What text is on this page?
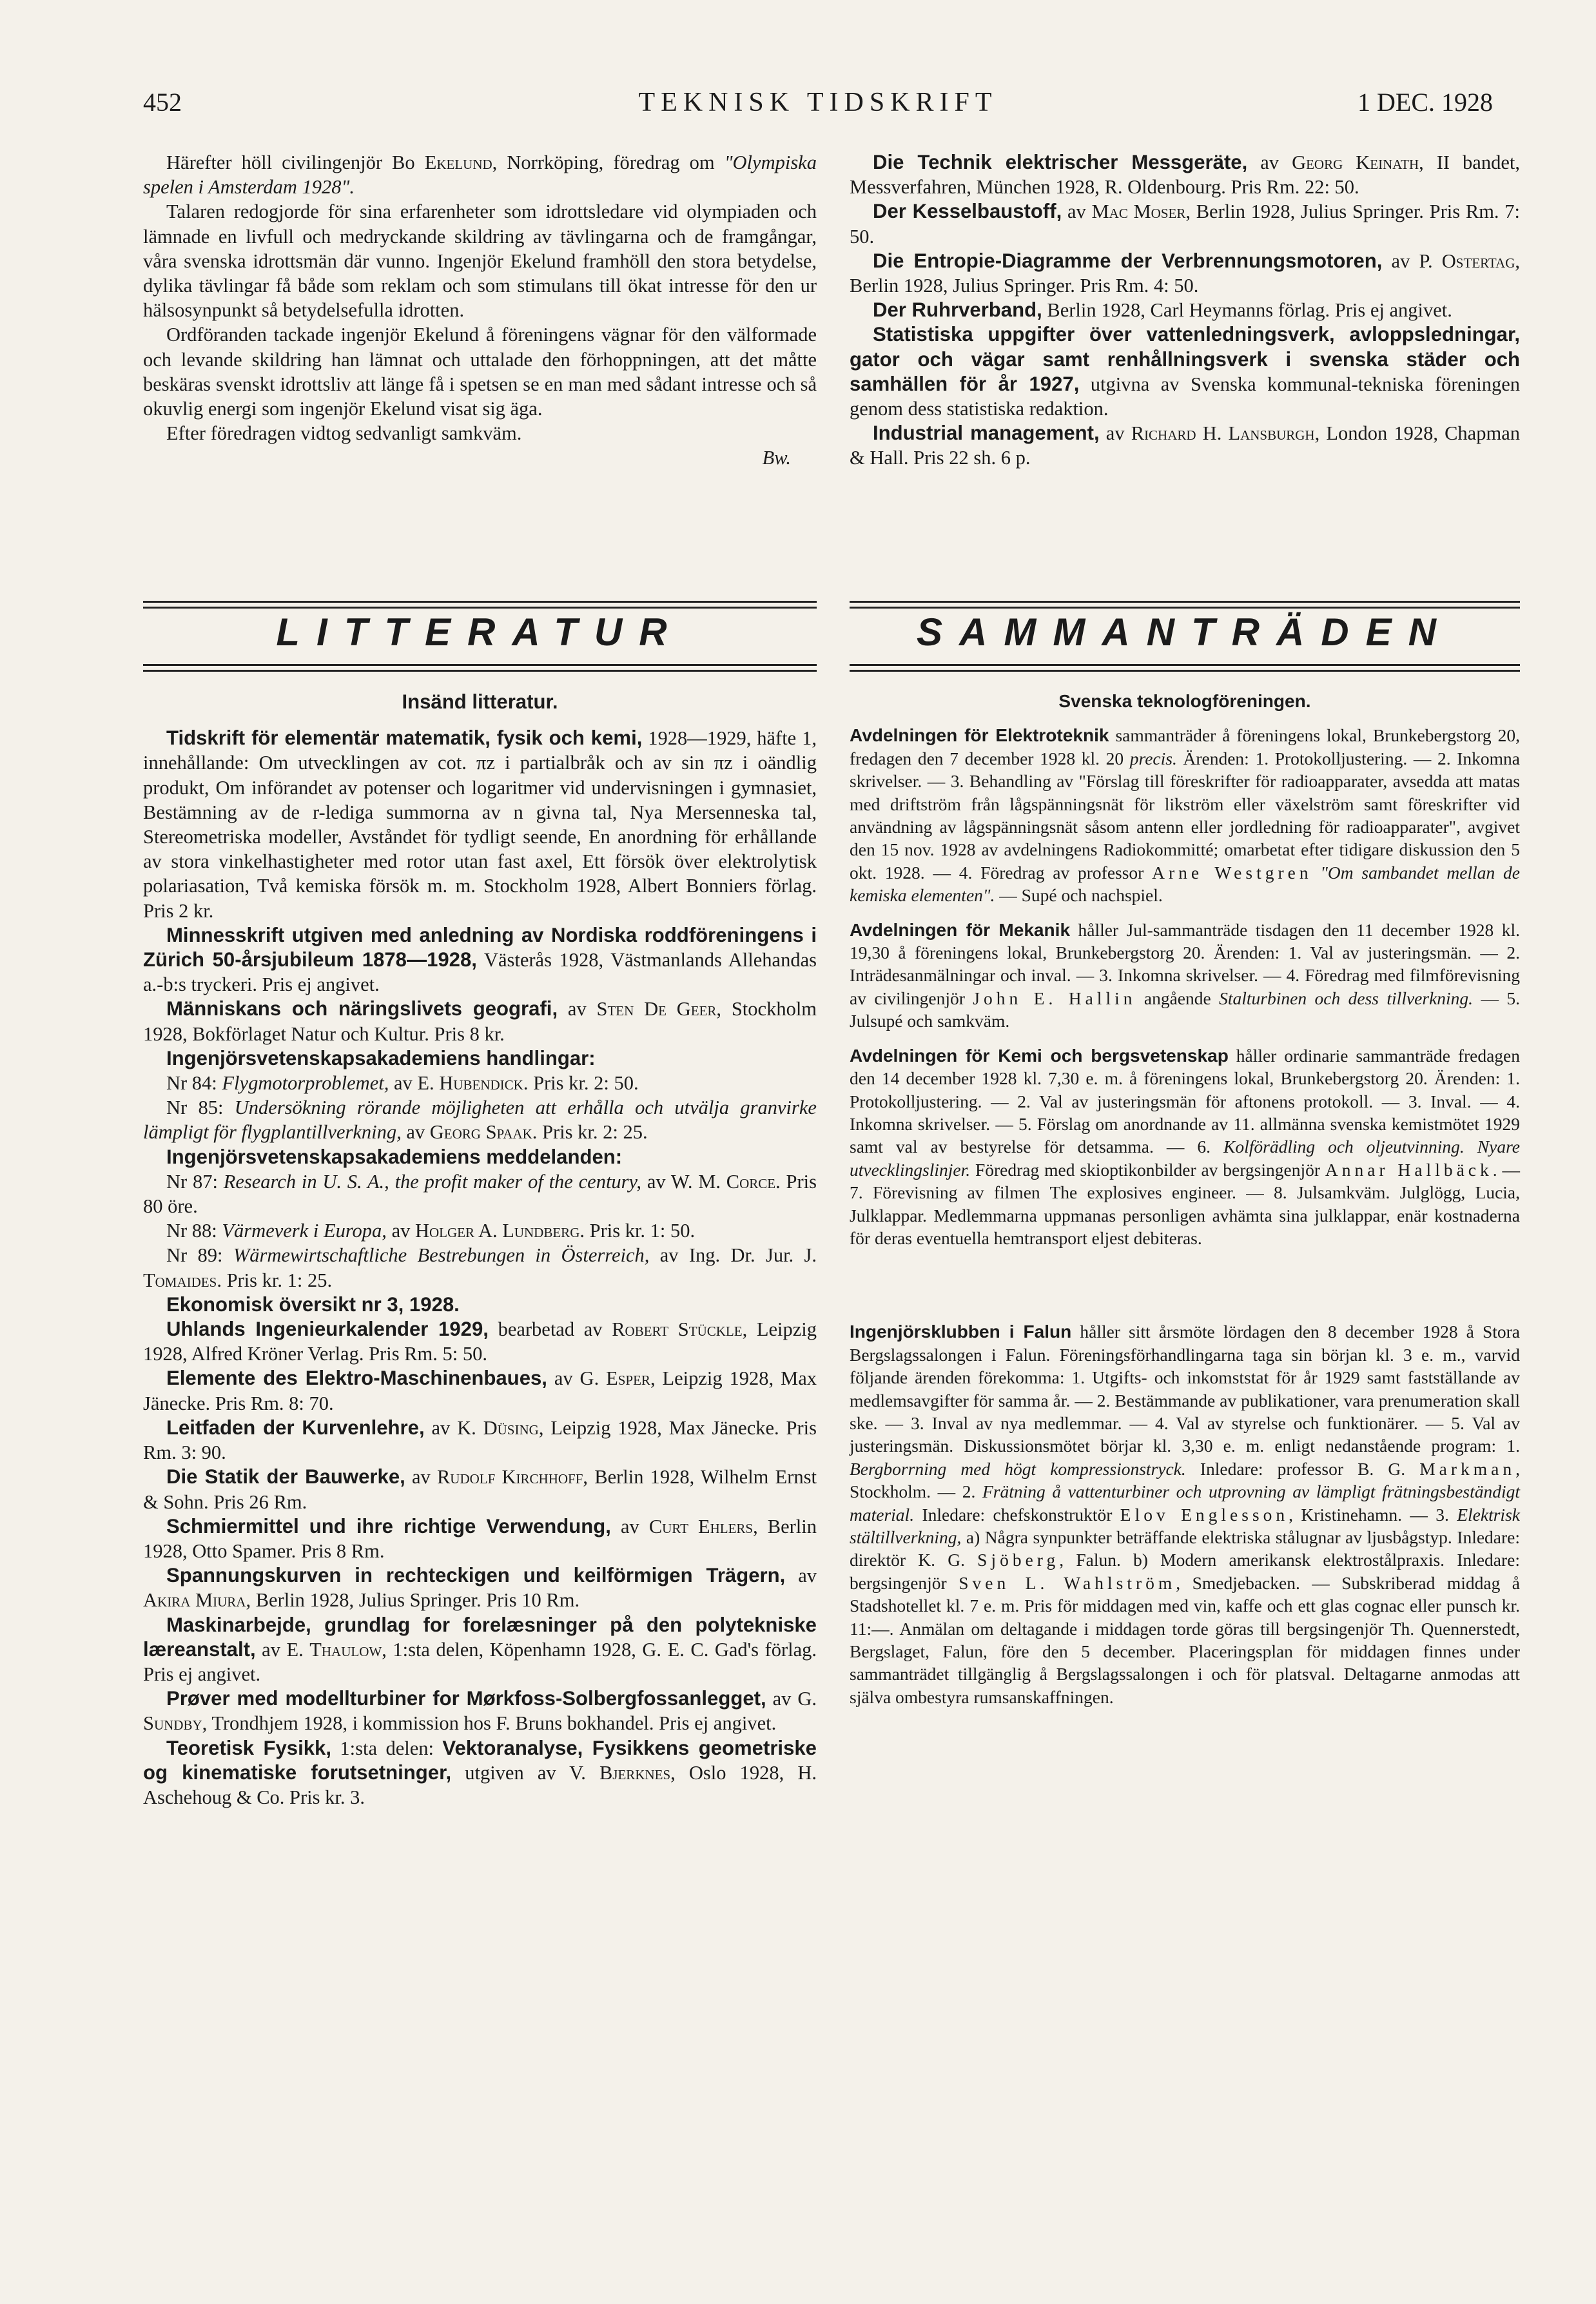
452	TEKNISK TIDSKRIFT	1 DEC. 1928

Härefter höll civilingenjör Bo Ekelund, Norrköping, föredrag om "Olympiska spelen i Amsterdam 1928".

Talaren redogjorde för sina erfarenheter som idrottsledare vid olympiaden och lämnade en livfull och medryckande skildring av tävlingarna och de framgångar, våra svenska idrottsmän där vunno. Ingenjör Ekelund framhöll den stora betydelse, dylika tävlingar få både som reklam och som stimulans till ökat intresse för den ur hälsosynpunkt så betydelsefulla idrotten.

Ordföranden tackade ingenjör Ekelund å föreningens vägnar för den välformade och levande skildring han lämnat och uttalade den förhoppningen, att det måtte beskäras svenskt idrottsliv att länge få i spetsen se en man med sådant intresse och så okuvlig energi som ingenjör Ekelund visat sig äga.

Efter föredragen vidtog sedvanligt samkväm.

Bw.

LITTERATUR	SAMMANTRÄDEN

Insänd litteratur.

Tidskrift för elementär matematik, fysik och kemi, 1928—1929, häfte 1, innehållande: Om utvecklingen av cot. πz i partialbråk och av sin πz i oändlig produkt, Om införandet av potenser och logaritmer vid undervisningen i gymnasiet, Bestämning av de r-lediga summorna av n givna tal, Nya Mersenneska tal, Stereometriska modeller, Avståndet för tydligt seende, En anordning för erhållande av stora vinkelhastigheter med rotor utan fast axel, Ett försök över elektrolytisk polariasation, Två kemiska försök m. m. Stockholm 1928, Albert Bonniers förlag. Pris 2 kr.

Minnesskrift utgiven med anledning av Nordiska roddföreningens i Zürich 50-årsjubileum 1878—1928, Västerås 1928, Västmanlands Allehandas a.-b:s tryckeri. Pris ej angivet.

Människans och näringslivets geografi, av Sten De Geer, Stockholm 1928, Bokförlaget Natur och Kultur. Pris 8 kr.

Ingenjörsvetenskapsakademiens handlingar:

Nr 84: Flygmotorproblemet, av E. Hubendick. Pris kr. 2: 50.

Nr 85: Undersökning rörande möjligheten att erhålla och utvälja granvirke lämpligt för flygplantillverkning, av Georg Spaak. Pris kr. 2: 25.

Ingenjörsvetenskapsakademiens meddelanden:

Nr 87: Research in U. S. A., the profit maker of the century, av W. M. Corce. Pris 80 öre.

Nr 88: Värmeverk i Europa, av Holger A. Lundberg. Pris kr. 1: 50.

Nr 89: Wärmewirtschaftliche Bestrebungen in Österreich, av Ing. Dr. Jur. J. Tomaides. Pris kr. 1: 25.

Ekonomisk översikt nr 3, 1928.

Uhlands Ingenieurkalender 1929, bearbetad av Robert Stückle, Leipzig 1928, Alfred Kröner Verlag. Pris Rm. 5: 50.

Elemente des Elektro-Maschinenbaues, av G. Esper, Leipzig 1928, Max Jänecke. Pris Rm. 8: 70.

Leitfaden der Kurvenlehre, av K. Düsing, Leipzig 1928, Max Jänecke. Pris Rm. 3: 90.

Die Statik der Bauwerke, av Rudolf Kirchhoff, Berlin 1928, Wilhelm Ernst & Sohn. Pris 26 Rm.

Schmiermittel und ihre richtige Verwendung, av Curt Ehlers, Berlin 1928, Otto Spamer. Pris 8 Rm.

Spannungskurven in rechteckigen und keilförmigen Trägern, av Akira Miura, Berlin 1928, Julius Springer. Pris 10 Rm.

Maskinarbejde, grundlag for forelæsninger på den polytekniske læreanstalt, av E. Thaulow, 1:sta delen, Köpenhamn 1928, G. E. C. Gad's förlag. Pris ej angivet.

Prøver med modellturbiner for Mørkfoss-Solbergfossanlegget, av G. Sundby, Trondhjem 1928, i kommission hos F. Bruns bokhandel. Pris ej angivet.

Teoretisk Fysikk, 1:sta delen: Vektoranalyse, Fysikkens geometriske og kinematiske forutsetninger, utgiven av V. Bjerknes, Oslo 1928, H. Aschehoug & Co. Pris kr. 3.

Die Technik elektrischer Messgeräte, av Georg Keinath, II bandet, Messverfahren, München 1928, R. Oldenbourg. Pris Rm. 22: 50.

Der Kesselbaustoff, av Mac Moser, Berlin 1928, Julius Springer. Pris Rm. 7: 50.

Die Entropie-Diagramme der Verbrennungsmotoren, av P. Ostertag, Berlin 1928, Julius Springer. Pris Rm. 4: 50.

Der Ruhrverband, Berlin 1928, Carl Heymanns förlag. Pris ej angivet.

Statistiska uppgifter över vattenledningsverk, avloppsledningar, gator och vägar samt renhållningsverk i svenska städer och samhällen för år 1927, utgivna av Svenska kommunal-tekniska föreningen genom dess statistiska redaktion.

Industrial management, av Richard H. Lansburgh, London 1928, Chapman & Hall. Pris 22 sh. 6 p.

Svenska teknologföreningen.

Avdelningen för Elektroteknik sammanträder å föreningens lokal, Brunkebergstorg 20, fredagen den 7 december 1928 kl. 20 precis. Ärenden: 1. Protokolljustering. — 2. Inkomna skrivelser. — 3. Behandling av "Förslag till föreskrifter för radioapparater, avsedda att matas med driftström från lågspänningsnät för likström eller växelström samt föreskrifter vid användning av lågspänningsnät såsom antenn eller jordledning för radioapparater", avgivet den 15 nov. 1928 av avdelningens Radiokommitté; omarbetat efter tidigare diskussion den 5 okt. 1928. — 4. Föredrag av professor Arne Westgren "Om sambandet mellan de kemiska elementen". — Supé och nachspiel.

Avdelningen för Mekanik håller Jul-sammanträde tisdagen den 11 december 1928 kl. 19,30 å föreningens lokal, Brunkebergstorg 20. Ärenden: 1. Val av justeringsmän. — 2. Inträdesanmälningar och inval. — 3. Inkomna skrivelser. — 4. Föredrag med filmförevisning av civilingenjör John E. Hallin angående Stalturbinen och dess tillverkning. — 5. Julsupé och samkväm.

Avdelningen för Kemi och bergsvetenskap håller ordinarie sammanträde fredagen den 14 december 1928 kl. 7,30 e. m. å föreningens lokal, Brunkebergstorg 20. Ärenden: 1. Protokolljustering. — 2. Val av justeringsmän för aftonens protokoll. — 3. Inval. — 4. Inkomna skrivelser. — 5. Förslag om anordnande av 11. allmänna svenska kemistmötet 1929 samt val av bestyrelse för detsamma. — 6. Kolförädling och oljeutvinning. Nyare utvecklingslinjer. Föredrag med skioptikonbilder av bergsingenjör Annar Hallbäck. — 7. Förevisning av filmen The explosives engineer. — 8. Julsamkväm. Julglögg, Lucia, Julklappar. Medlemmarna uppmanas personligen avhämta sina julklappar, enär kostnaderna för deras eventuella hemtransport eljest debiteras.

Ingenjörsklubben i Falun håller sitt årsmöte lördagen den 8 december 1928 å Stora Bergslagssalongen i Falun. Föreningsförhandlingarna taga sin början kl. 3 e. m., varvid följande ärenden förekomma: 1. Utgifts- och inkomststat för år 1929 samt fastställande av medlemsavgifter för samma år. — 2. Bestämmande av publikationer, vara prenumeration skall ske. — 3. Inval av nya medlemmar. — 4. Val av styrelse och funktionärer. — 5. Val av justeringsmän. Diskussionsmötet börjar kl. 3,30 e. m. enligt nedanstående program: 1. Bergborrning med högt kompressionstryck. Inledare: professor B. G. Markman, Stockholm. — 2. Frätning å vattenturbiner och utprovning av lämpligt frätningsbeständigt material. Inledare: chefskonstruktör Elov Englesson, Kristinehamn. — 3. Elektrisk stältillverkning, a) Några synpunkter beträffande elektriska stålugnar av ljusbågstyp. Inledare: direktör K. G. Sjöberg, Falun. b) Modern amerikansk elektrostålpraxis. Inledare: bergsingenjör Sven L. Wahlström, Smedjebacken. — Subskriberad middag å Stadshotellet kl. 7 e. m. Pris för middagen med vin, kaffe och ett glas cognac eller punsch kr. 11:—. Anmälan om deltagande i middagen torde göras till bergsingenjör Th. Quennerstedt, Bergslaget, Falun, före den 5 december. Placeringsplan för middagen finnes under sammanträdet tillgänglig å Bergslagssalongen i och för platsval. Deltagarne anmodas att själva ombestyra rumsanskaffningen.
